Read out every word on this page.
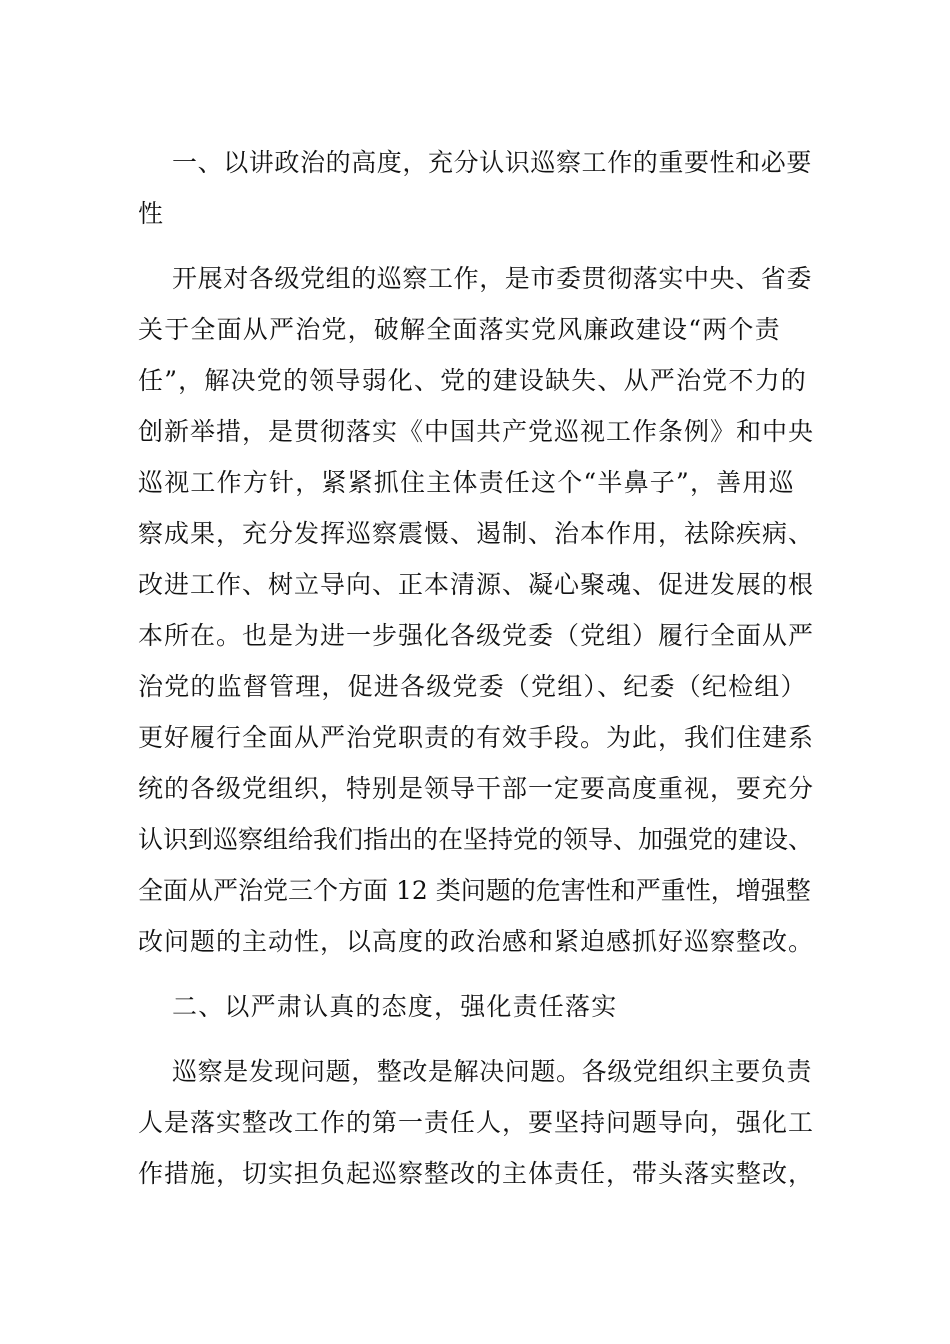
一、以讲政治的高度，充分认识巡察工作的重要性和必要
性
开展对各级党组的巡察工作，是市委贯彻落实中央、省委
关于全面从严治党，破解全面落实党风廉政建设“两个责
任”，解决党的领导弱化、党的建设缺失、从严治党不力的
创新举措，是贯彻落实《中国共产党巡视工作条例》和中央
巡视工作方针，紧紧抓住主体责任这个“半鼻子”，善用巡
察成果，充分发挥巡察震慑、遏制、治本作用，祛除疾病、
改进工作、树立导向、正本清源、凝心聚魂、促进发展的根
本所在。也是为进一步强化各级党委（党组）履行全面从严
治党的监督管理，促进各级党委（党组）、纪委（纪检组）
更好履行全面从严治党职责的有效手段。为此，我们住建系
统的各级党组织，特别是领导干部一定要高度重视，要充分
认识到巡察组给我们指出的在坚持党的领导、加强党的建设、
全面从严治党三个方面 12 类问题的危害性和严重性，增强整
改问题的主动性，以高度的政治感和紧迫感抓好巡察整改。
二、以严肃认真的态度，强化责任落实
巡察是发现问题，整改是解决问题。各级党组织主要负责
人是落实整改工作的第一责任人，要坚持问题导向，强化工
作措施，切实担负起巡察整改的主体责任，带头落实整改，
